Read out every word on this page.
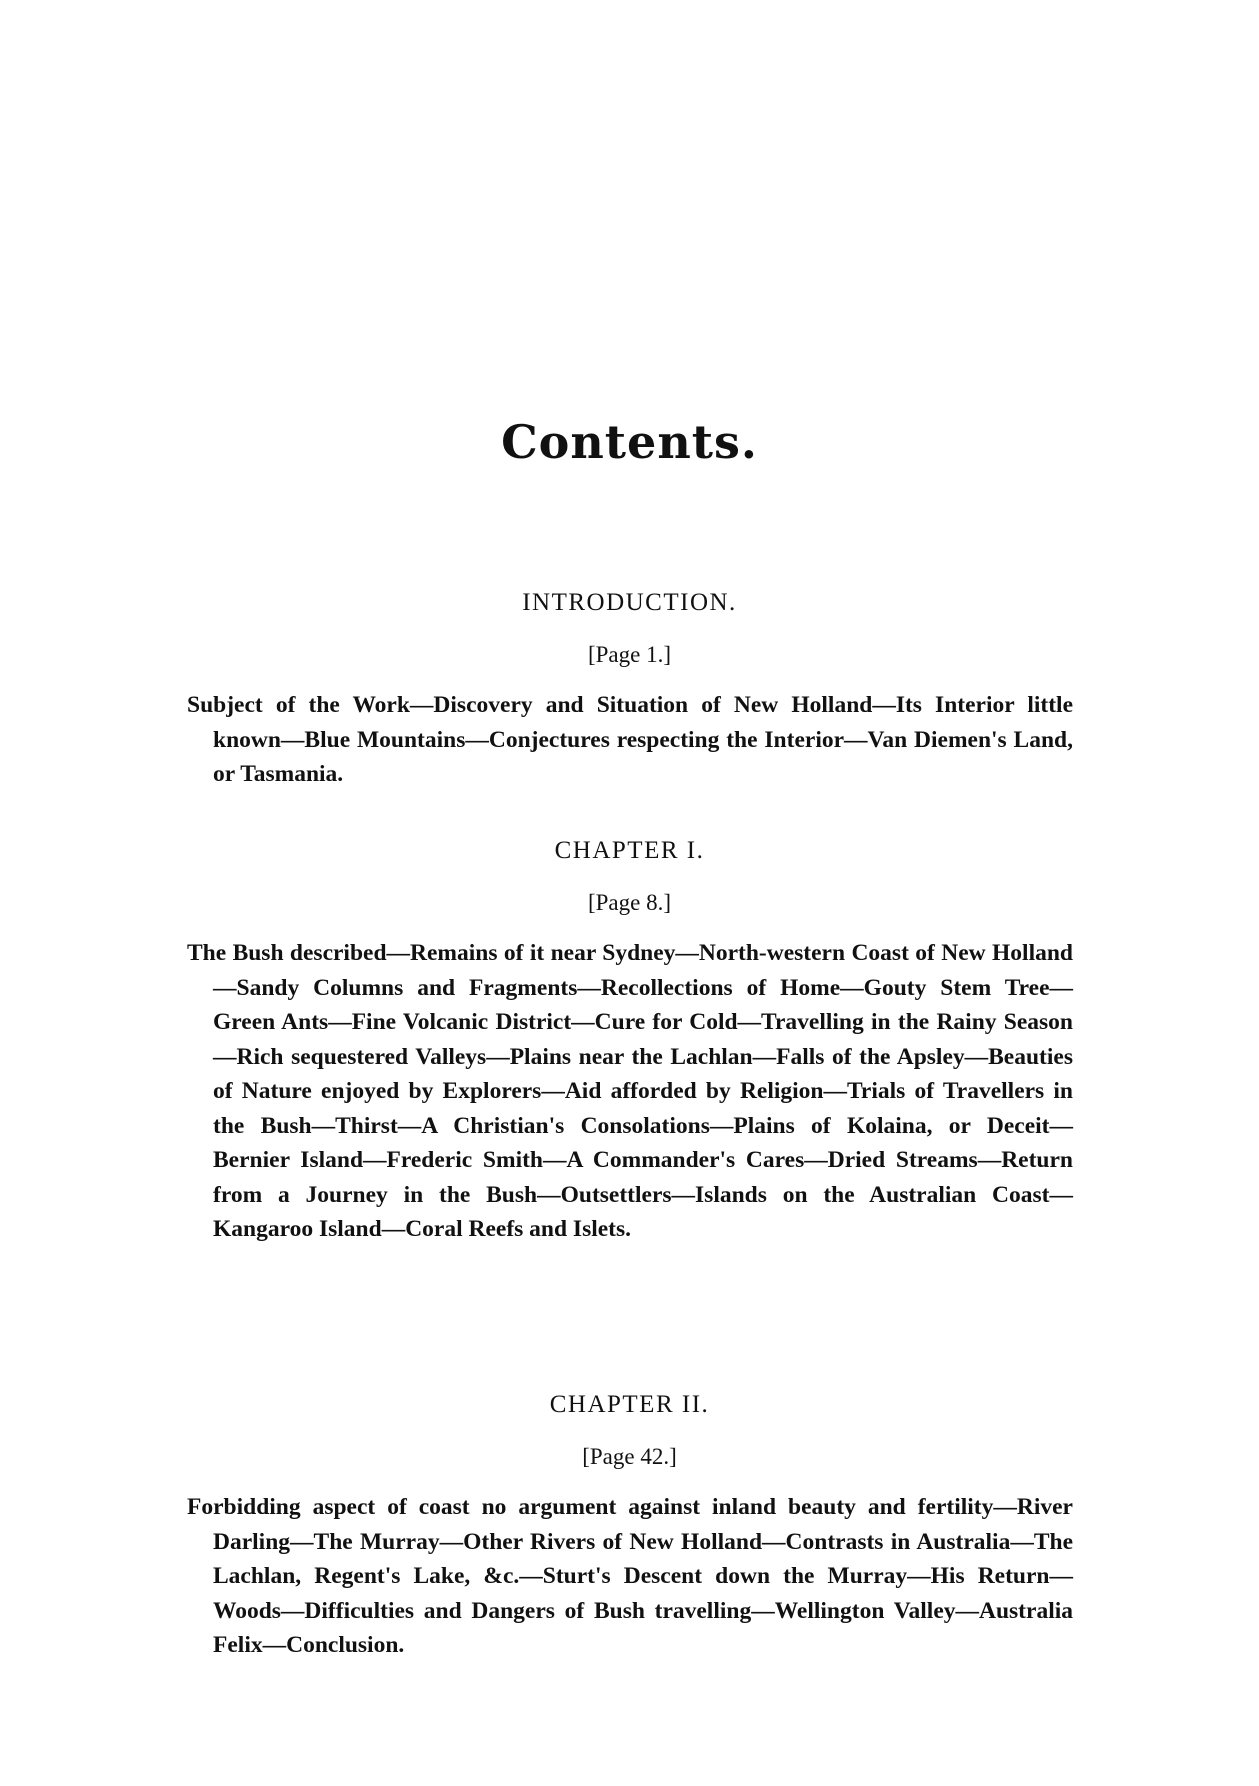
Contents.
INTRODUCTION.
[Page 1.]

Subject of the Work—Discovery and Situation of New Holland—Its Interior little known—Blue Mountains—Conjectures respecting the Interior—Van Diemen's Land, or Tasmania.

CHAPTER I.
[Page 8.]

The Bush described—Remains of it near Sydney—North-western Coast of New Holland—Sandy Columns and Fragments—Recollections of Home—Gouty Stem Tree—Green Ants—Fine Volcanic District—Cure for Cold—Travelling in the Rainy Season—Rich sequestered Valleys—Plains near the Lachlan—Falls of the Apsley—Beauties of Nature enjoyed by Explorers—Aid afforded by Religion—Trials of Travellers in the Bush—Thirst—A Christian's Consolations—Plains of Kolaina, or Deceit—Bernier Island—Frederic Smith—A Commander's Cares—Dried Streams—Return from a Journey in the Bush—Outsettlers—Islands on the Australian Coast—Kangaroo Island—Coral Reefs and Islets.

CHAPTER II.
[Page 42.]

Forbidding aspect of coast no argument against inland beauty and fertility—River Darling—The Murray—Other Rivers of New Holland—Contrasts in Australia—The Lachlan, Regent's Lake, &c.—Sturt's Descent down the Murray—His Return—Woods—Difficulties and Dangers of Bush travelling—Wellington Valley—Australia Felix—Conclusion.
